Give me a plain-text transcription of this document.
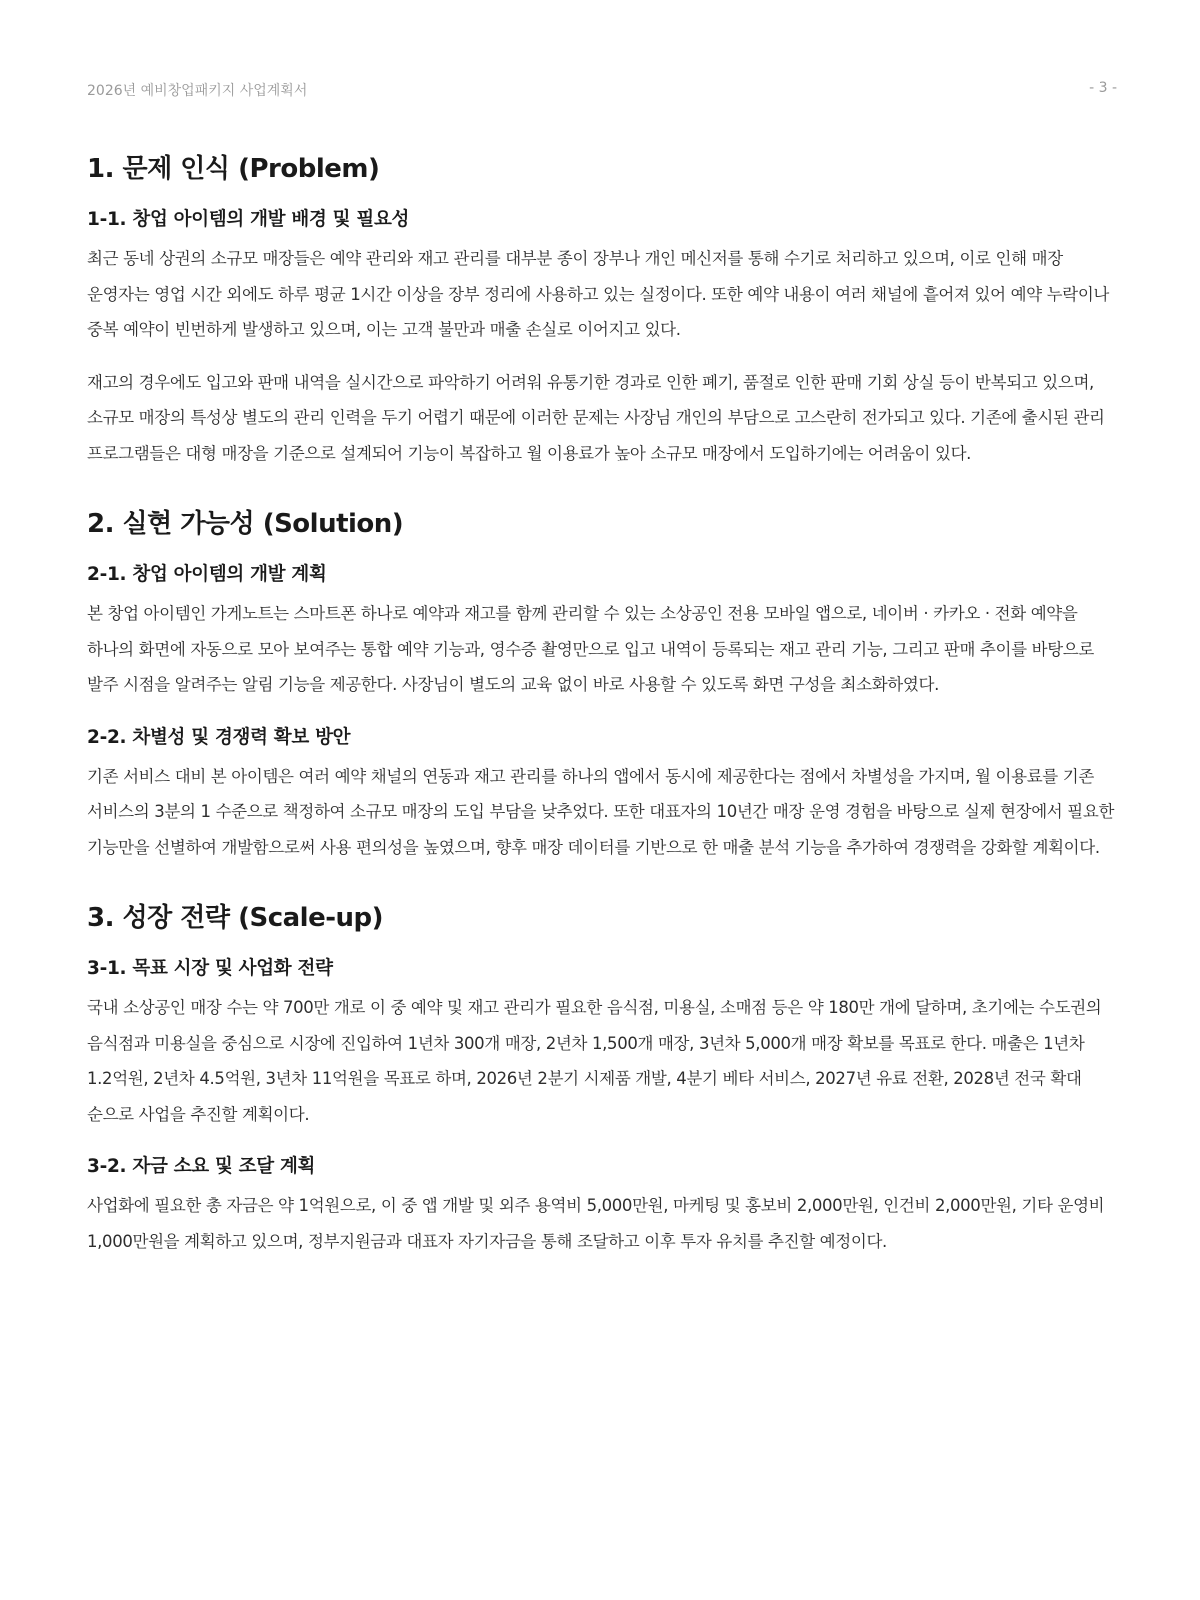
2026년 예비창업패키지 사업계획서	- 3 -
1. 문제 인식 (Problem)
1-1. 창업 아이템의 개발 배경 및 필요성

최근 동네 상권의 소규모 매장들은 예약 관리와 재고 관리를 대부분 종이 장부나 개인 메신저를 통해 수기로 처리하고 있으며, 이로 인해 매장 운영자는 영업 시간 외에도 하루 평균 1시간 이상을 장부 정리에 사용하고 있는 실정이다. 또한 예약 내용이 여러 채널에 흩어져 있어 예약 누락이나 중복 예약이 빈번하게 발생하고 있으며, 이는 고객 불만과 매출 손실로 이어지고 있다.

재고의 경우에도 입고와 판매 내역을 실시간으로 파악하기 어려워 유통기한 경과로 인한 폐기, 품절로 인한 판매 기회 상실 등이 반복되고 있으며, 소규모 매장의 특성상 별도의 관리 인력을 두기 어렵기 때문에 이러한 문제는 사장님 개인의 부담으로 고스란히 전가되고 있다. 기존에 출시된 관리 프로그램들은 대형 매장을 기준으로 설계되어 기능이 복잡하고 월 이용료가 높아 소규모 매장에서 도입하기에는 어려움이 있다.

2. 실현 가능성 (Solution)
2-1. 창업 아이템의 개발 계획

본 창업 아이템인 가게노트는 스마트폰 하나로 예약과 재고를 함께 관리할 수 있는 소상공인 전용 모바일 앱으로, 네이버 · 카카오 · 전화 예약을 하나의 화면에 자동으로 모아 보여주는 통합 예약 기능과, 영수증 촬영만으로 입고 내역이 등록되는 재고 관리 기능, 그리고 판매 추이를 바탕으로 발주 시점을 알려주는 알림 기능을 제공한다. 사장님이 별도의 교육 없이 바로 사용할 수 있도록 화면 구성을 최소화하였다.

2-2. 차별성 및 경쟁력 확보 방안

기존 서비스 대비 본 아이템은 여러 예약 채널의 연동과 재고 관리를 하나의 앱에서 동시에 제공한다는 점에서 차별성을 가지며, 월 이용료를 기존 서비스의 3분의 1 수준으로 책정하여 소규모 매장의 도입 부담을 낮추었다. 또한 대표자의 10년간 매장 운영 경험을 바탕으로 실제 현장에서 필요한 기능만을 선별하여 개발함으로써 사용 편의성을 높였으며, 향후 매장 데이터를 기반으로 한 매출 분석 기능을 추가하여 경쟁력을 강화할 계획이다.

3. 성장 전략 (Scale-up)
3-1. 목표 시장 및 사업화 전략

국내 소상공인 매장 수는 약 700만 개로 이 중 예약 및 재고 관리가 필요한 음식점, 미용실, 소매점 등은 약 180만 개에 달하며, 초기에는 수도권의 음식점과 미용실을 중심으로 시장에 진입하여 1년차 300개 매장, 2년차 1,500개 매장, 3년차 5,000개 매장 확보를 목표로 한다. 매출은 1년차 1.2억원, 2년차 4.5억원, 3년차 11억원을 목표로 하며, 2026년 2분기 시제품 개발, 4분기 베타 서비스, 2027년 유료 전환, 2028년 전국 확대 순으로 사업을 추진할 계획이다.

3-2. 자금 소요 및 조달 계획

사업화에 필요한 총 자금은 약 1억원으로, 이 중 앱 개발 및 외주 용역비 5,000만원, 마케팅 및 홍보비 2,000만원, 인건비 2,000만원, 기타 운영비 1,000만원을 계획하고 있으며, 정부지원금과 대표자 자기자금을 통해 조달하고 이후 투자 유치를 추진할 예정이다.
